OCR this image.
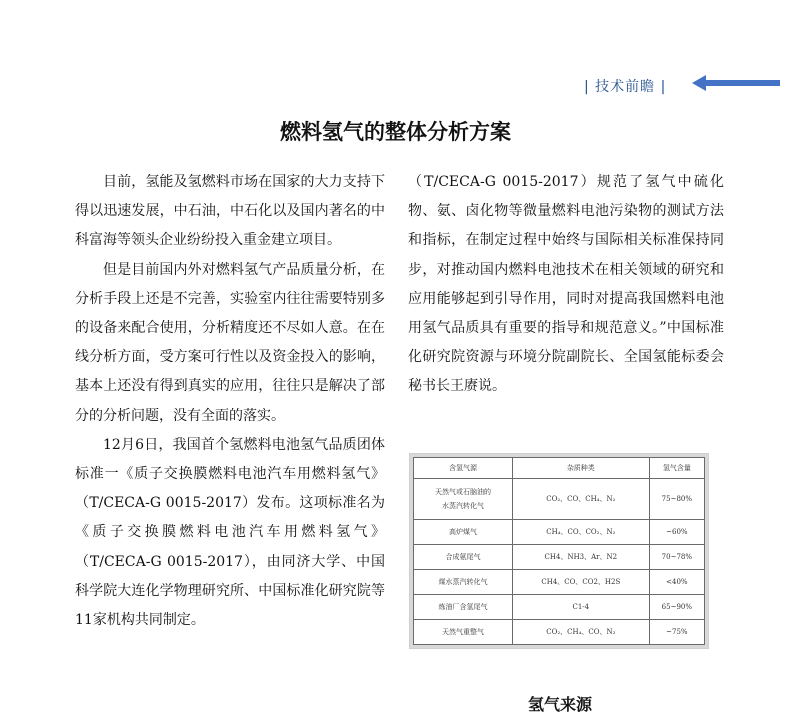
| 技术前瞻 |
燃料氢气的整体分析方案

目前，氢能及氢燃料市场在国家的大力支持下得以迅速发展，中石油，中石化以及国内著名的中科富海等领头企业纷纷投入重金建立项目。

但是目前国内外对燃料氢气产品质量分析，在分析手段上还是不完善，实验室内往往需要特别多的设备来配合使用，分析精度还不尽如人意。在在线分析方面，受方案可行性以及资金投入的影响，基本上还没有得到真实的应用，往往只是解决了部分的分析问题，没有全面的落实。

12月6日，我国首个氢燃料电池氢气品质团体标准一《质子交换膜燃料电池汽车用燃料氢气》（T/CECA-G 0015-2017）发布。这项标准名为《质子交换膜燃料电池汽车用燃料氢气》（T/CECA-G 0015-2017），由同济大学、中国科学院大连化学物理研究所、中国标准化研究院等11家机构共同制定。

（T/CECA-G 0015-2017）规范了氢气中硫化物、氨、卤化物等微量燃料电池污染物的测试方法和指标，在制定过程中始终与国际相关标准保持同步，对推动国内燃料电池技术在相关领域的研究和应用能够起到引导作用，同时对提高我国燃料电池用氢气品质具有重要的指导和规范意义。”中国标准化研究院资源与环境分院副院长、全国氢能标委会秘书长王赓说。

含氢气源	杂质种类	氢气含量
天然气或石脑油的
水蒸汽转化气	CO₂、CO、CH₄、N₂	75~80%
高炉煤气	CH₄、CO、CO₂、N₂	~60%
合成氨尾气	CH4、NH3、Ar、N2	70~78%
煤水蒸汽转化气	CH4、CO、CO2、H2S	<40%
炼油厂含氢尾气	C1-4	65~90%
天然气重整气	CO₂、CH₄、CO、N₂	~75%
氢气来源
